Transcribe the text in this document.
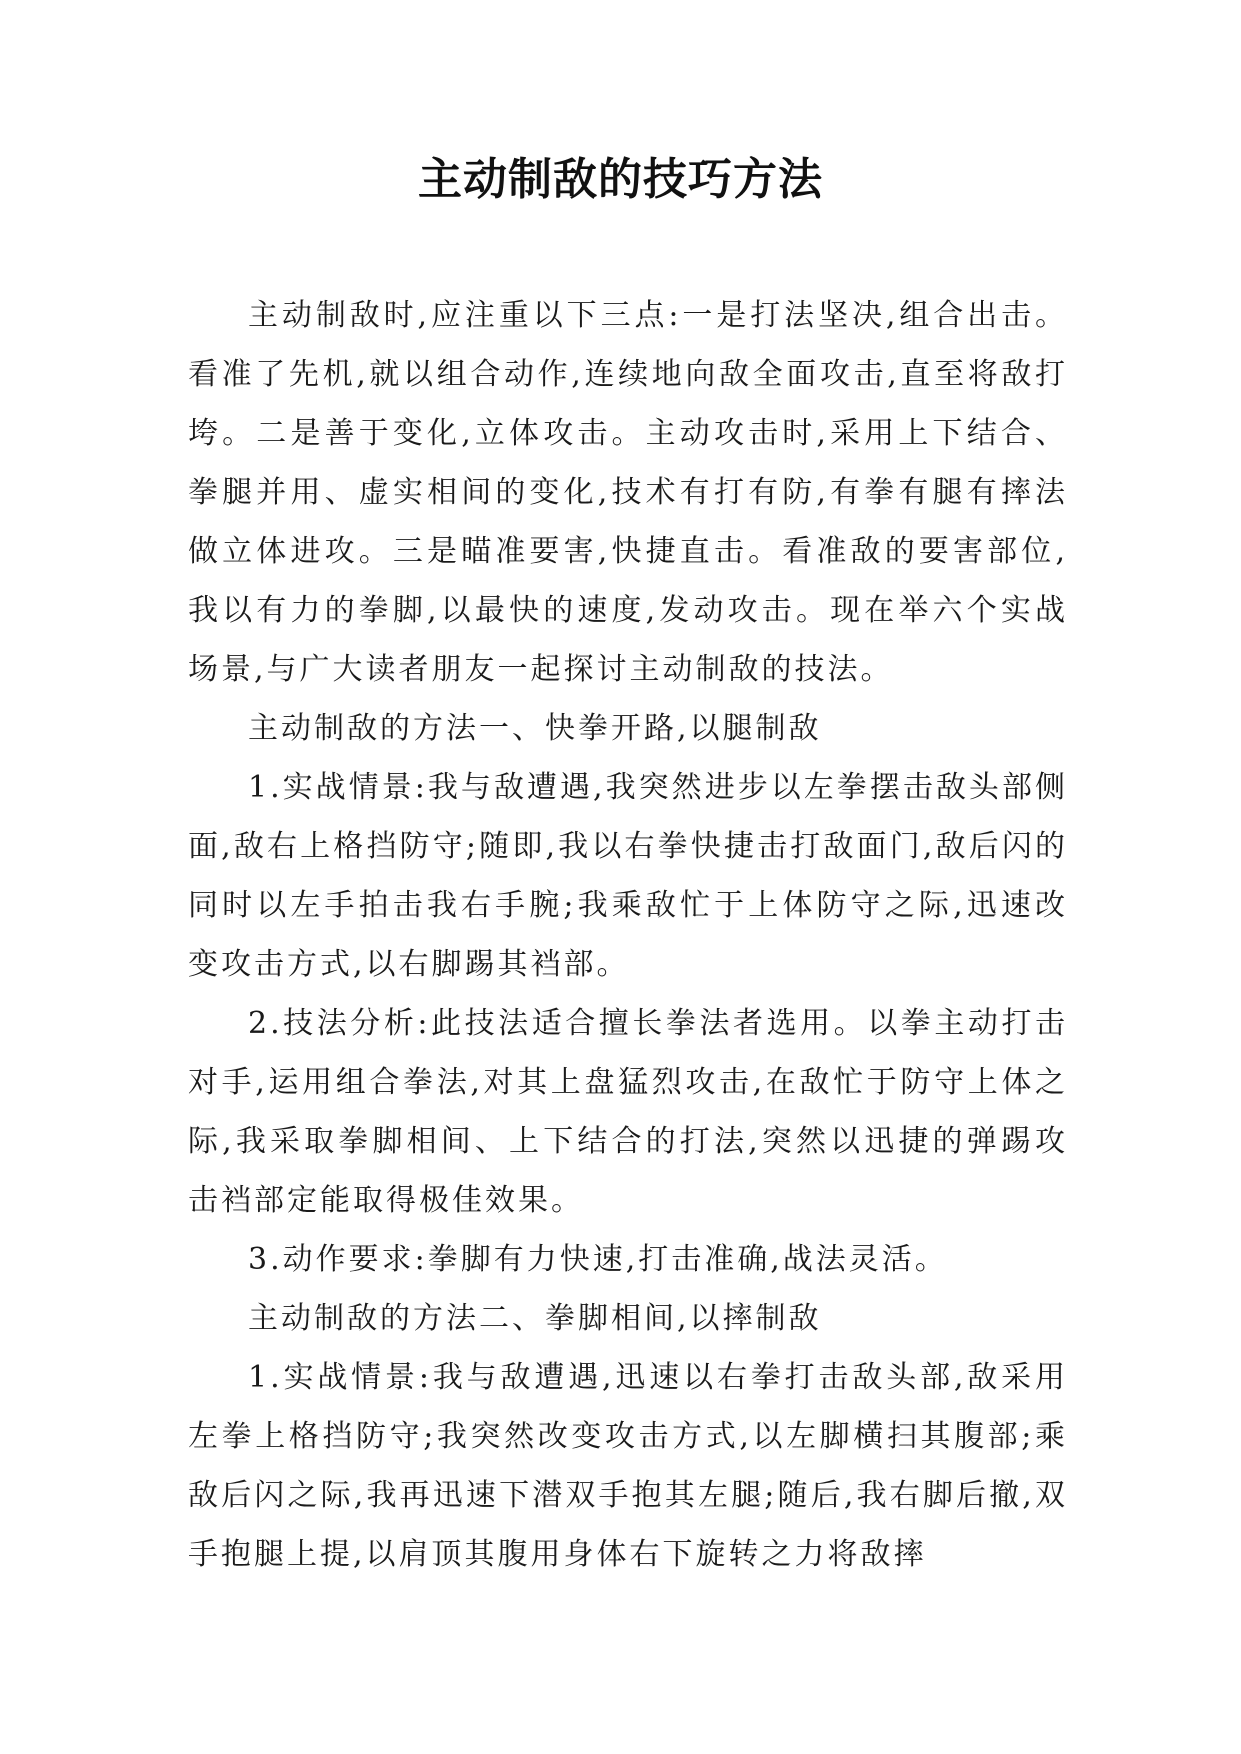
主动制敌的技巧方法

主动制敌时,应注重以下三点:一是打法坚决,组合出击。看准了先机,就以组合动作,连续地向敌全面攻击,直至将敌打垮。二是善于变化,立体攻击。主动攻击时,采用上下结合、拳腿并用、虚实相间的变化,技术有打有防,有拳有腿有摔法做立体进攻。三是瞄准要害,快捷直击。看准敌的要害部位,我以有力的拳脚,以最快的速度,发动攻击。现在举六个实战场景,与广大读者朋友一起探讨主动制敌的技法。

主动制敌的方法一、快拳开路,以腿制敌

1.实战情景:我与敌遭遇,我突然进步以左拳摆击敌头部侧面,敌右上格挡防守;随即,我以右拳快捷击打敌面门,敌后闪的同时以左手拍击我右手腕;我乘敌忙于上体防守之际,迅速改变攻击方式,以右脚踢其裆部。

2.技法分析:此技法适合擅长拳法者选用。以拳主动打击对手,运用组合拳法,对其上盘猛烈攻击,在敌忙于防守上体之际,我采取拳脚相间、上下结合的打法,突然以迅捷的弹踢攻击裆部定能取得极佳效果。

3.动作要求:拳脚有力快速,打击准确,战法灵活。

主动制敌的方法二、拳脚相间,以摔制敌

1.实战情景:我与敌遭遇,迅速以右拳打击敌头部,敌采用左拳上格挡防守;我突然改变攻击方式,以左脚横扫其腹部;乘敌后闪之际,我再迅速下潜双手抱其左腿;随后,我右脚后撤,双手抱腿上提,以肩顶其腹用身体右下旋转之力将敌摔
